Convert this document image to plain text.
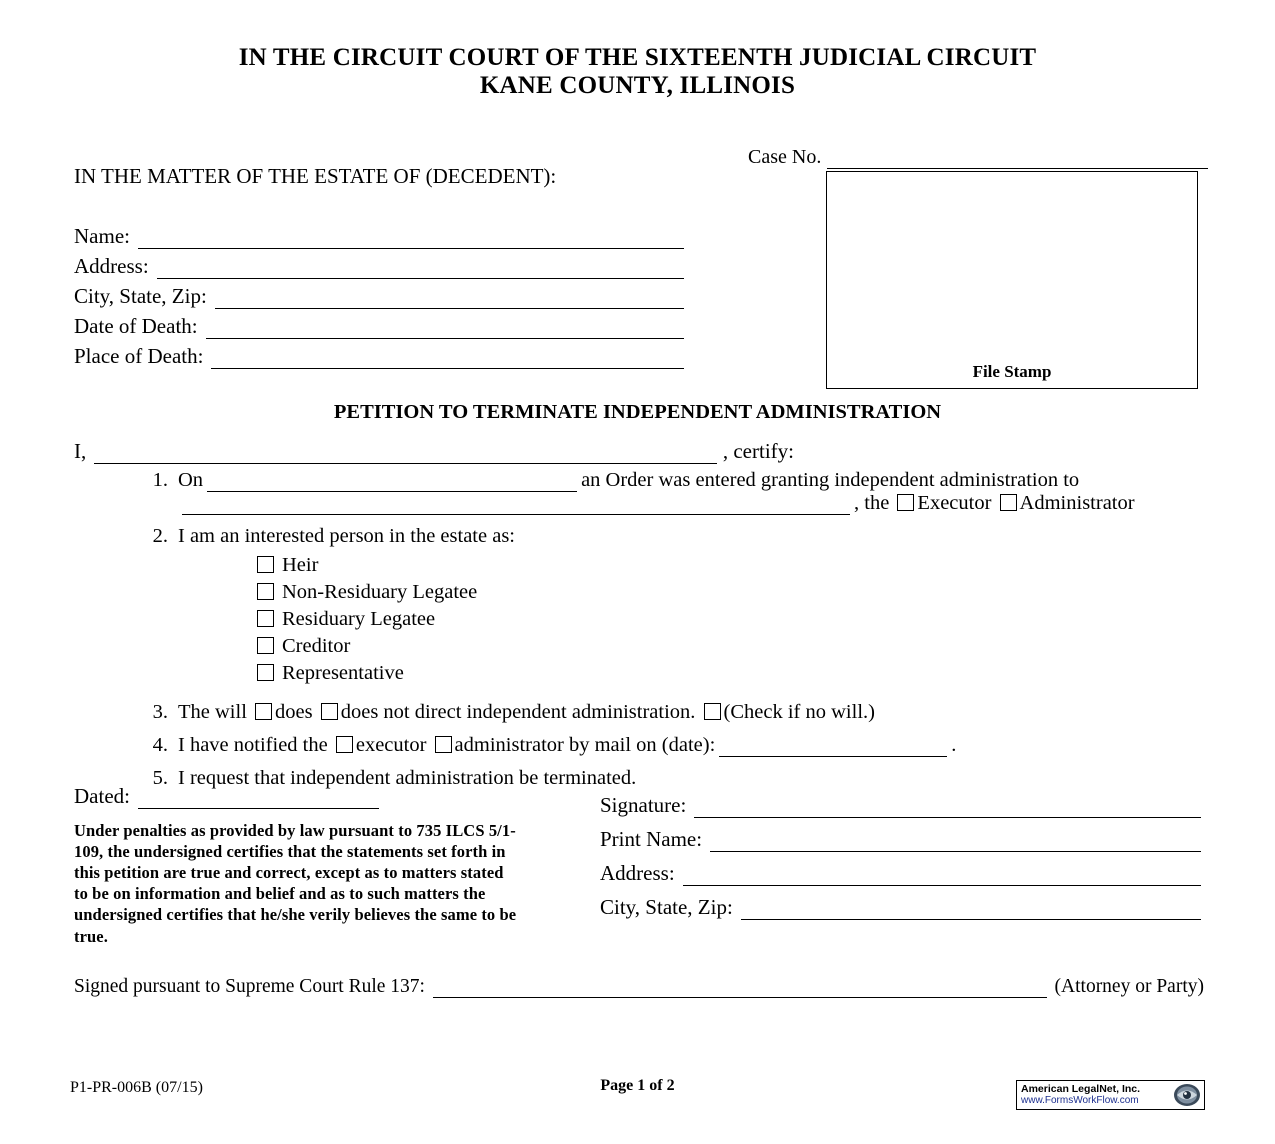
IN THE CIRCUIT COURT OF THE SIXTEENTH JUDICIAL CIRCUIT
KANE COUNTY, ILLINOIS
Case No.
File Stamp
IN THE MATTER OF THE ESTATE OF (DECEDENT):
Name:
Address:
City, State, Zip:
Date of Death:
Place of Death:
PETITION TO TERMINATE INDEPENDENT ADMINISTRATION
I,	, certify:
1. On	an Order was entered granting independent administration to
, the Executor Administrator
2. I am an interested person in the estate as:
Heir
Non-Residuary Legatee
Residuary Legatee
Creditor
Representative
3. The will does does not direct independent administration. (Check if no will.)
4. I have notified the executor administrator by mail on (date):	.
5. I request that independent administration be terminated.
Dated:
Under penalties as provided by law pursuant to 735 ILCS 5/1-109, the undersigned certifies that the statements set forth in this petition are true and correct, except as to matters stated to be on information and belief and as to such matters the undersigned certifies that he/she verily believes the same to be true.
Signature:
Print Name:
Address:
City, State, Zip:
Signed pursuant to Supreme Court Rule 137:	(Attorney or Party)
P1-PR-006B (07/15)	Page 1 of 2	American LegalNet, Inc.
www.FormsWorkFlow.com
